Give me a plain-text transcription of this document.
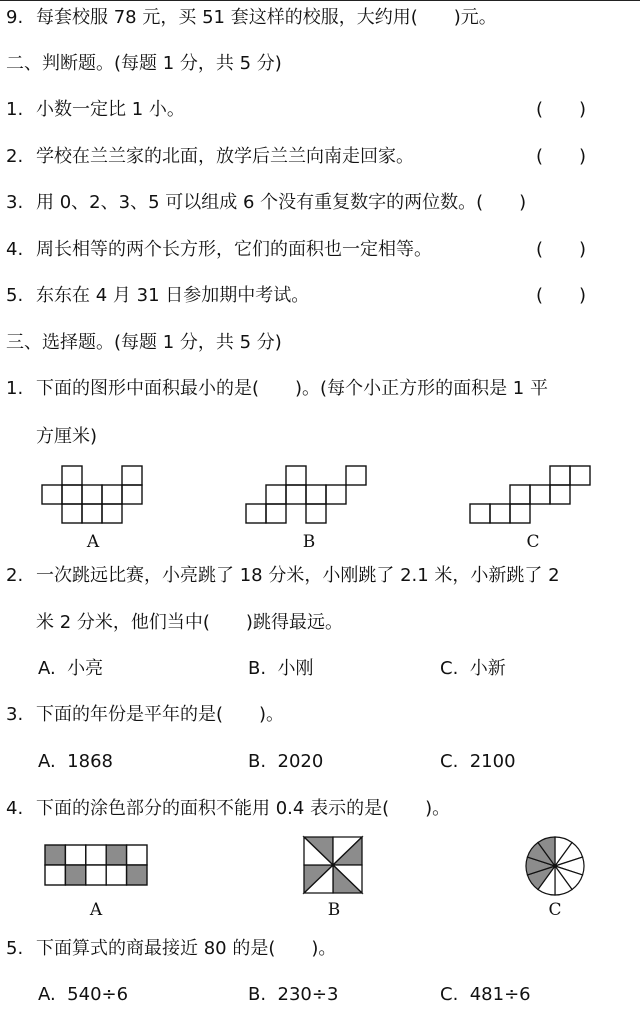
9. 每套校服 78 元，买 51 套这样的校服，大约用(　　)元。
二、判断题。(每题 1 分，共 5 分)
1. 小数一定比 1 小。	(　　)
2. 学校在兰兰家的北面，放学后兰兰向南走回家。	(　　)
3. 用 0、2、3、5 可以组成 6 个没有重复数字的两位数。(　　)
4. 周长相等的两个长方形，它们的面积也一定相等。	(　　)
5. 东东在 4 月 31 日参加期中考试。	(　　)
三、选择题。(每题 1 分，共 5 分)
1. 下面的图形中面积最小的是(　　)。(每个小正方形的面积是 1 平
方厘米)
A	B	C
2. 一次跳远比赛，小亮跳了 18 分米，小刚跳了 2.1 米，小新跳了 2
米 2 分米，他们当中(　　)跳得最远。
A.  小亮	B.  小刚	C.  小新
3. 下面的年份是平年的是(　　)。
A.  1868	B.  2020	C.  2100
4. 下面的涂色部分的面积不能用 0.4 表示的是(　　)。
A	B	C
5. 下面算式的商最接近 80 的是(　　)。
A.  540÷6	B.  230÷3	C.  481÷6
